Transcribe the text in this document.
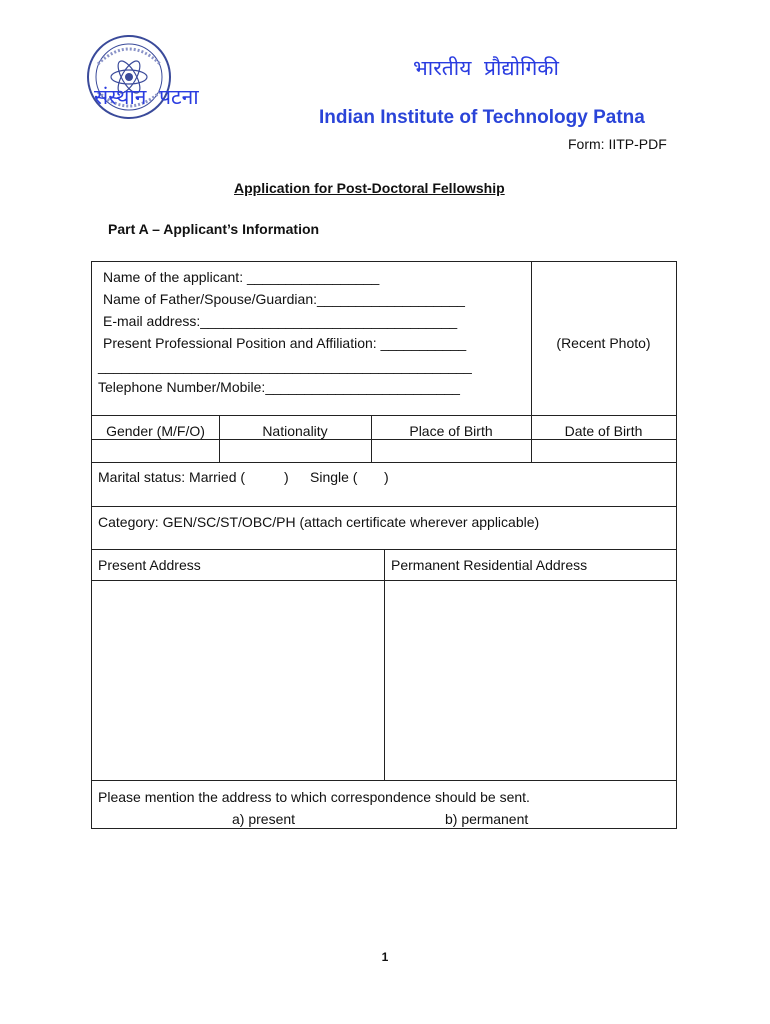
भारतीय प्रौद्योगिकी
संस्थान पटना
Indian Institute of Technology Patna
Form: IITP-PDF
Application for Post-Doctoral Fellowship
Part A – Applicant’s Information
Name of the applicant: _________________
Name of Father/Spouse/Guardian:___________________
E-mail address:_________________________________
Present Professional Position and Affiliation: ___________
________________________________________________
Telephone Number/Mobile:_________________________
(Recent Photo)
Gender (M/F/O)	Nationality	Place of Birth	Date of Birth
Marital status: Married (	) Single ( )
Category: GEN/SC/ST/OBC/PH (attach certificate wherever applicable)
Present Address	Permanent Residential Address
Please mention the address to which correspondence should be sent.
a) present	b) permanent
1
